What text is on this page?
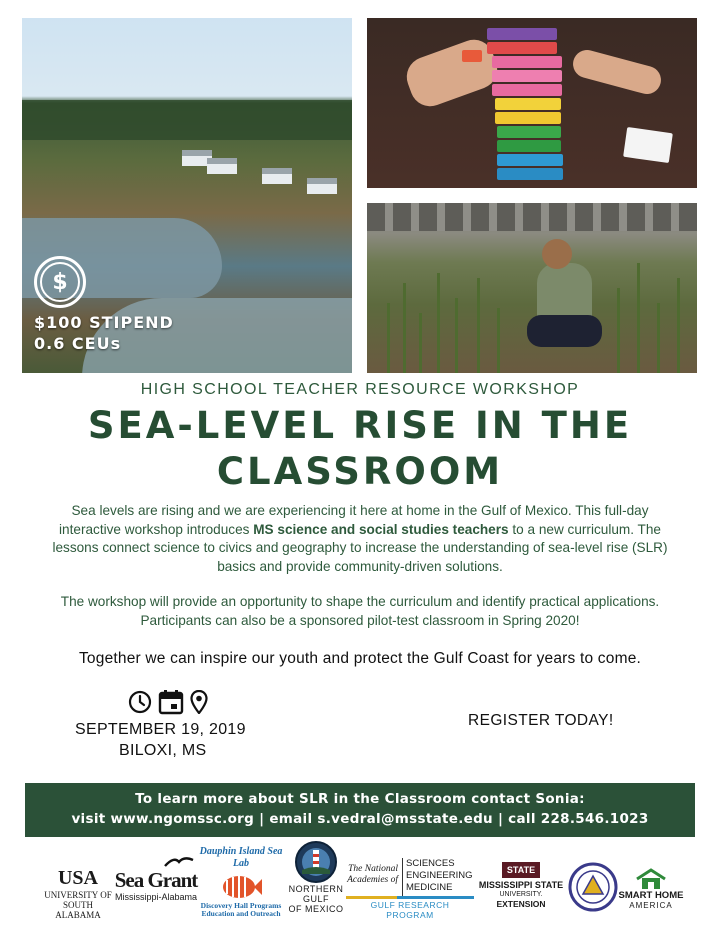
$
$100 STIPEND
0.6 CEUs
HIGH SCHOOL TEACHER RESOURCE WORKSHOP
SEA-LEVEL RISE IN THE
CLASSROOM
Sea levels are rising and we are experiencing it here at home in the Gulf of Mexico. This full-day interactive workshop introduces MS science and social studies teachers to a new curriculum. The lessons connect science to civics and geography to increase the understanding of sea-level rise (SLR) basics and provide community-driven solutions.
The workshop will provide an opportunity to shape the curriculum and identify practical applications. Participants can also be a sponsored pilot-test classroom in Spring 2020!
Together we can inspire our youth and protect the Gulf Coast for years to come.
SEPTEMBER 19, 2019
BILOXI, MS
REGISTER TODAY!
To learn more about SLR in the Classroom contact Sonia:
visit www.ngomssc.org | email s.vedral@msstate.edu | call 228.546.1023
USA
UNIVERSITY OF
SOUTH ALABAMA
Sea Grant
Mississippi-Alabama
Dauphin Island Sea Lab
Discovery Hall Programs
Education and Outreach
NORTHERN GULF
OF MEXICO
The National
Academies of
SCIENCES
ENGINEERING
MEDICINE
GULF RESEARCH PROGRAM
STATE
MISSISSIPPI STATE
UNIVERSITY.
EXTENSION
SMART HOME
AMERICA
